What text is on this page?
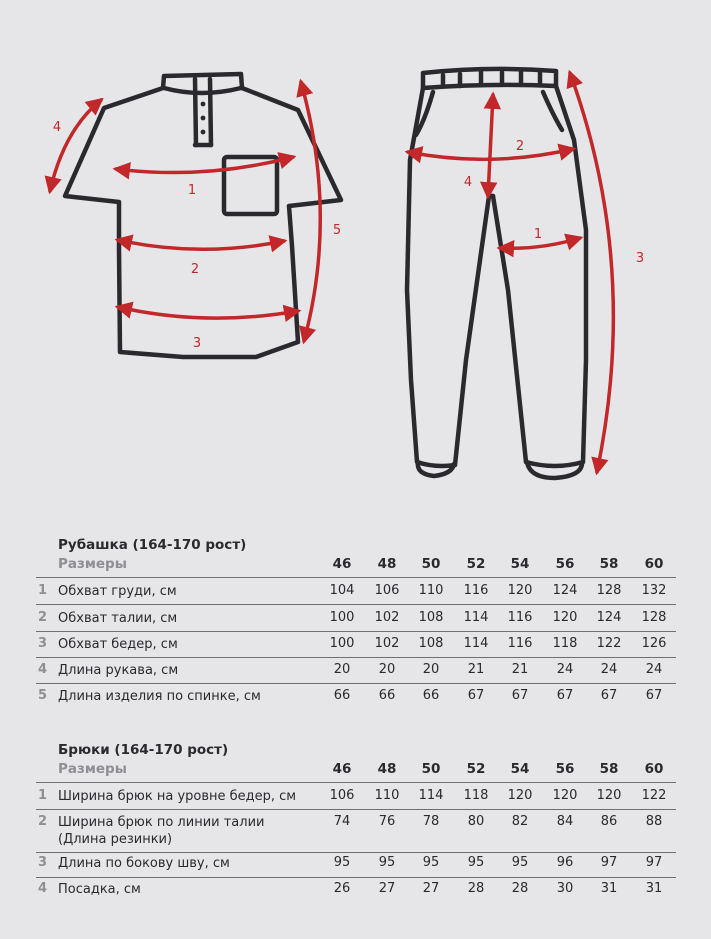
1
2
3
4
5	1
2
3
4
Рубашка (164-170 рост)
Размеры	46	48	50	52	54	56	58	60
1 Обхват груди, см	104	106	110	116	120	124	128	132
2 Обхват талии, см	100	102	108	114	116	120	124	128
3 Обхват бедер, см	100	102	108	114	116	118	122	126
4 Длина рукава, см	20	20	20	21	21	24	24	24
5 Длина изделия по спинке, см	66	66	66	67	67	67	67	67
Брюки (164-170 рост)
Размеры	46	48	50	52	54	56	58	60
1 Ширина брюк на уровне бедер, см	106	110	114	118	120	120	120	122
2 Ширина брюк по линии талии
(Длина резинки)
74	76	78	80	82	84	86	88
3 Длина по бокову шву, см	95	95	95	95	95	96	97	97
4 Посадка, см	26	27	27	28	28	30	31	31
